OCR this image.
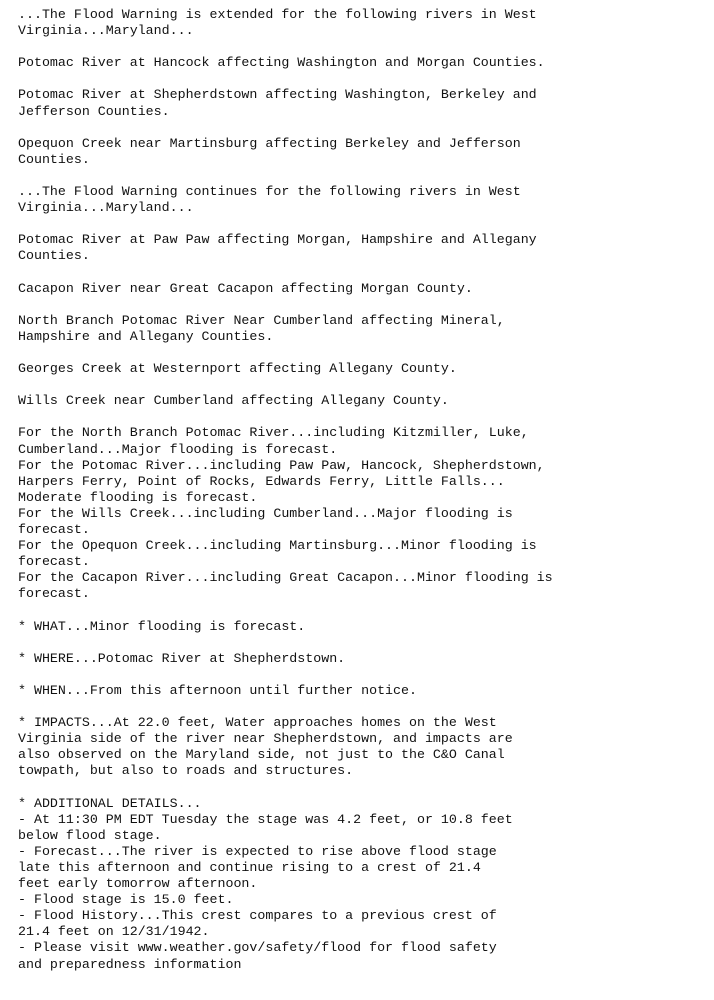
...The Flood Warning is extended for the following rivers in West
Virginia...Maryland...
Potomac River at Hancock affecting Washington and Morgan Counties.
Potomac River at Shepherdstown affecting Washington, Berkeley and
Jefferson Counties.
Opequon Creek near Martinsburg affecting Berkeley and Jefferson
Counties.
...The Flood Warning continues for the following rivers in West
Virginia...Maryland...
Potomac River at Paw Paw affecting Morgan, Hampshire and Allegany
Counties.
Cacapon River near Great Cacapon affecting Morgan County.
North Branch Potomac River Near Cumberland affecting Mineral,
Hampshire and Allegany Counties.
Georges Creek at Westernport affecting Allegany County.
Wills Creek near Cumberland affecting Allegany County.
For the North Branch Potomac River...including Kitzmiller, Luke,
Cumberland...Major flooding is forecast.
For the Potomac River...including Paw Paw, Hancock, Shepherdstown,
Harpers Ferry, Point of Rocks, Edwards Ferry, Little Falls...
Moderate flooding is forecast.
For the Wills Creek...including Cumberland...Major flooding is
forecast.
For the Opequon Creek...including Martinsburg...Minor flooding is
forecast.
For the Cacapon River...including Great Cacapon...Minor flooding is
forecast.
* WHAT...Minor flooding is forecast.
* WHERE...Potomac River at Shepherdstown.
* WHEN...From this afternoon until further notice.
* IMPACTS...At 22.0 feet, Water approaches homes on the West
Virginia side of the river near Shepherdstown, and impacts are
also observed on the Maryland side, not just to the C&O Canal
towpath, but also to roads and structures.
* ADDITIONAL DETAILS...
- At 11:30 PM EDT Tuesday the stage was 4.2 feet, or 10.8 feet
below flood stage.
- Forecast...The river is expected to rise above flood stage
late this afternoon and continue rising to a crest of 21.4
feet early tomorrow afternoon.
- Flood stage is 15.0 feet.
- Flood History...This crest compares to a previous crest of
21.4 feet on 12/31/1942.
- Please visit www.weather.gov/safety/flood for flood safety
and preparedness information
